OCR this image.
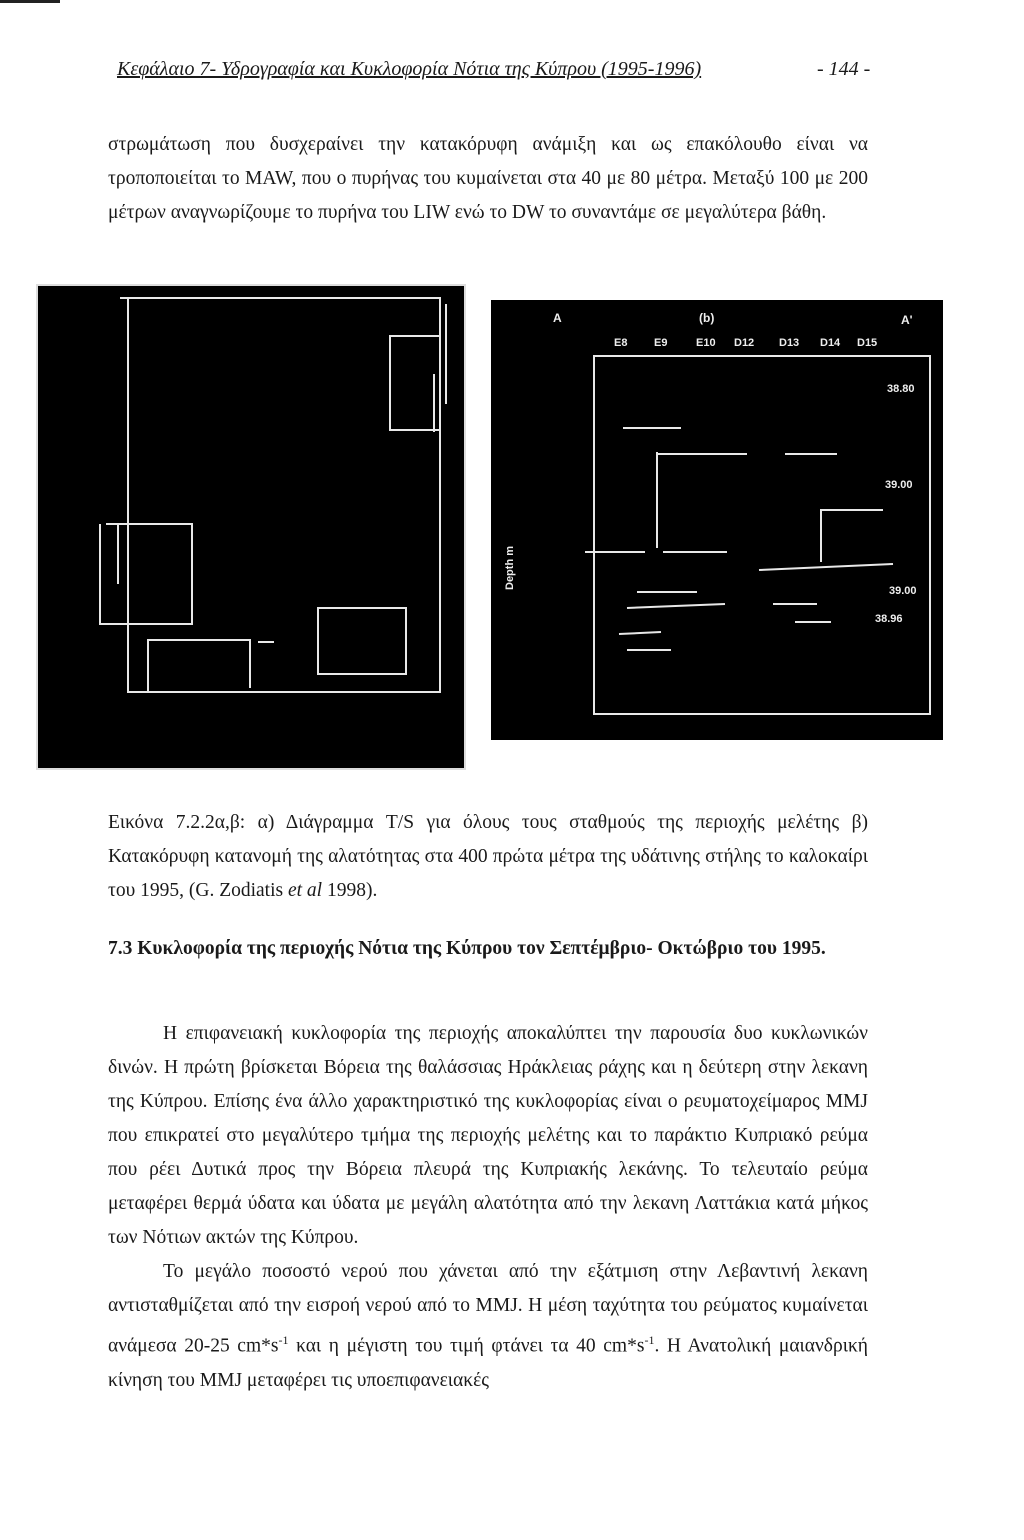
Κεφάλαιο 7- Υδρογραφία και Κυκλοφορία Νότια της Κύπρου (1995-1996)	- 144 -

στρωμάτωση που δυσχεραίνει την κατακόρυφη ανάμιξη και ως επακόλουθο είναι να τροποποιείται το MAW, που ο πυρήνας του κυμαίνεται στα 40 με 80 μέτρα. Μεταξύ 100 με 200 μέτρων αναγνωρίζουμε το πυρήνα του LIW ενώ το DW το συναντάμε σε μεγαλύτερα βάθη.

A	(b)	A'
E8 E9	E10 D12 D13 D14 D15
Depth m
38.80
39.00
39.00
38.96
Εικόνα 7.2.2α,β: α) Διάγραμμα T/S για όλους τους σταθμούς της περιοχής μελέτης β) Κατακόρυφη κατανομή της αλατότητας στα 400 πρώτα μέτρα της υδάτινης στήλης το καλοκαίρι του 1995, (G. Zodiatis et al 1998).
7.3 Κυκλοφορία της περιοχής Νότια της Κύπρου τον Σεπτέμβριο- Οκτώβριο του 1995.

Η επιφανειακή κυκλοφορία της περιοχής αποκαλύπτει την παρουσία δυο κυκλωνικών δινών. Η πρώτη βρίσκεται Βόρεια της θαλάσσιας Ηράκλειας ράχης και η δεύτερη στην λεκανη της Κύπρου. Επίσης ένα άλλο χαρακτηριστικό της κυκλοφορίας είναι ο ρευματοχείμαρος MMJ που επικρατεί στο μεγαλύτερο τμήμα της περιοχής μελέτης και το παράκτιο Κυπριακό ρεύμα που ρέει Δυτικά προς την Βόρεια πλευρά της Κυπριακής λεκάνης. Το τελευταίο ρεύμα μεταφέρει θερμά ύδατα και ύδατα με μεγάλη αλατότητα από την λεκανη Λαττάκια κατά μήκος των Νότιων ακτών της Κύπρου.

Το μεγάλο ποσοστό νερού που χάνεται από την εξάτμιση στην Λεβαντινή λεκανη αντισταθμίζεται από την εισροή νερού από το MMJ. Η μέση ταχύτητα του ρεύματος κυμαίνεται ανάμεσα 20-25 $cm*s^{-1}$ και η μέγιστη του τιμή φτάνει τα 40 $cm*s^{-1}$. Η Ανατολική μαιανδρική κίνηση του MMJ μεταφέρει τις υποεπιφανειακές
